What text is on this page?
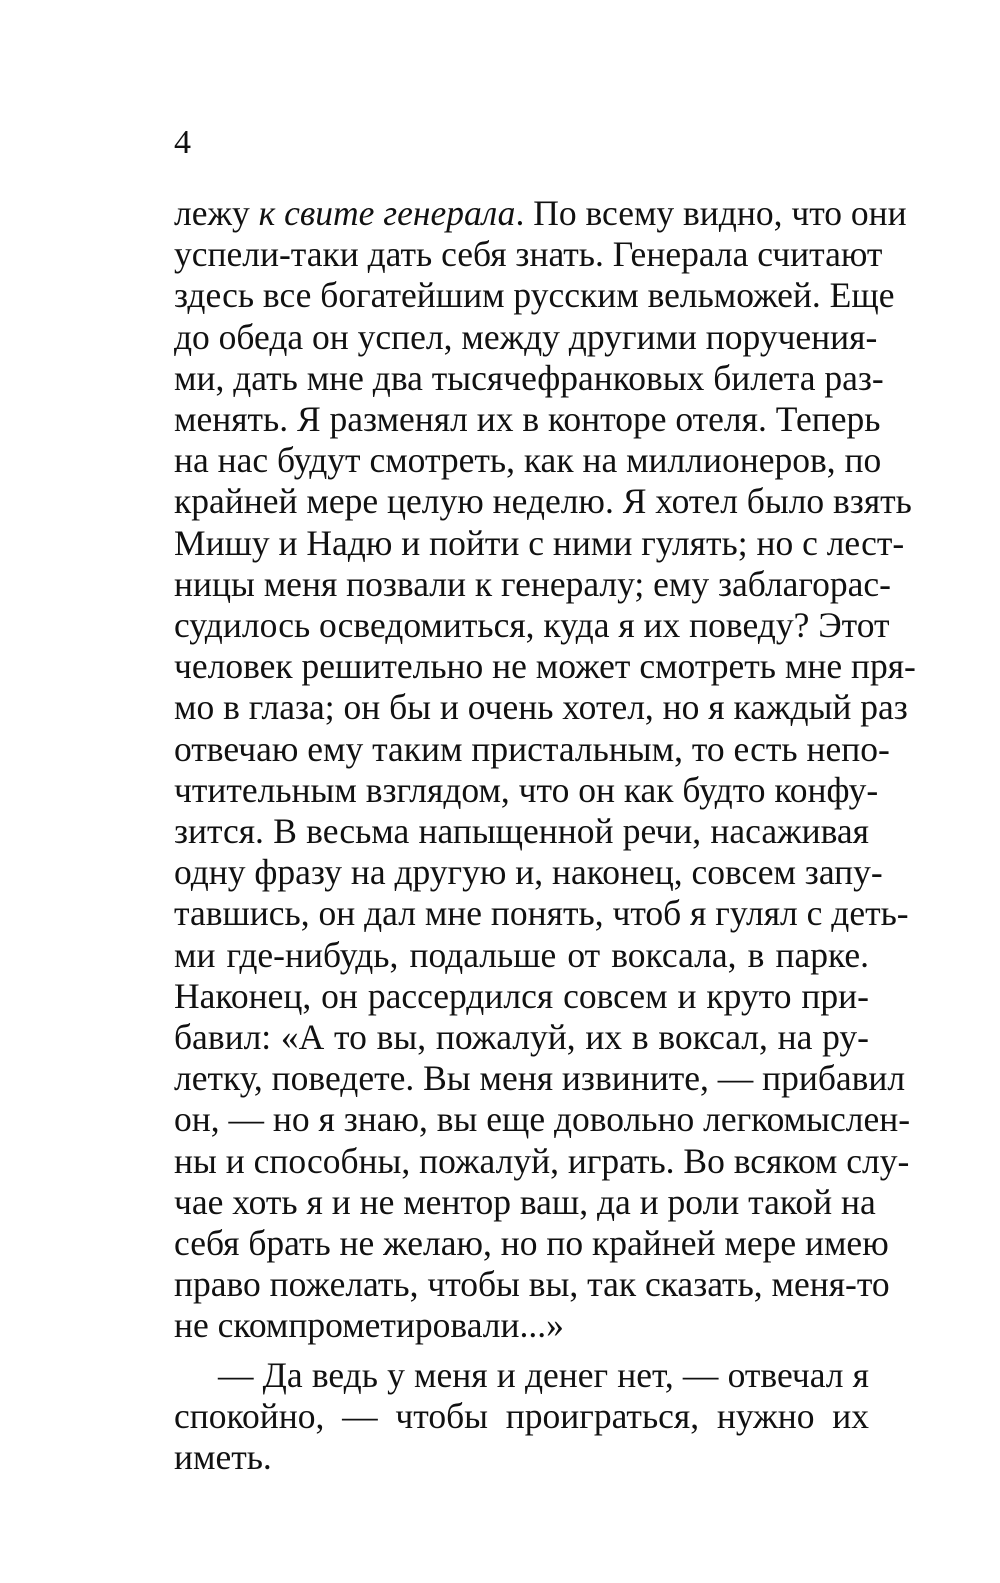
4
лежу к свите генерала. По всему видно, что они
успели-таки дать себя знать. Генерала считают
здесь все богатейшим русским вельможей. Еще
до обеда он успел, между другими поручения-
ми, дать мне два тысячефранковых билета раз-
менять. Я разменял их в конторе отеля. Теперь
на нас будут смотреть, как на миллионеров, по
крайней мере целую неделю. Я хотел было взять
Мишу и Надю и пойти с ними гулять; но с лест-
ницы меня позвали к генералу; ему заблагорас-
судилось осведомиться, куда я их поведу? Этот
человек решительно не может смотреть мне пря-
мо в глаза; он бы и очень хотел, но я каждый раз
отвечаю ему таким пристальным, то есть непо-
чтительным взглядом, что он как будто конфу-
зится. В весьма напыщенной речи, насаживая
одну фразу на другую и, наконец, совсем запу-
тавшись, он дал мне понять, чтоб я гулял с деть-
ми где-нибудь, подальше от воксала, в парке.
Наконец, он рассердился совсем и круто при-
бавил: «А то вы, пожалуй, их в воксал, на ру-
летку, поведете. Вы меня извините, — прибавил
он, — но я знаю, вы еще довольно легкомыслен-
ны и способны, пожалуй, играть. Во всяком слу-
чае хоть я и не ментор ваш, да и роли такой на
себя брать не желаю, но по крайней мере имею
право пожелать, чтобы вы, так сказать, меня-то
не скомпрометировали...»
— Да ведь у меня и денег нет, — отвечал я
спокойно, — чтобы проиграться, нужно их
иметь.
